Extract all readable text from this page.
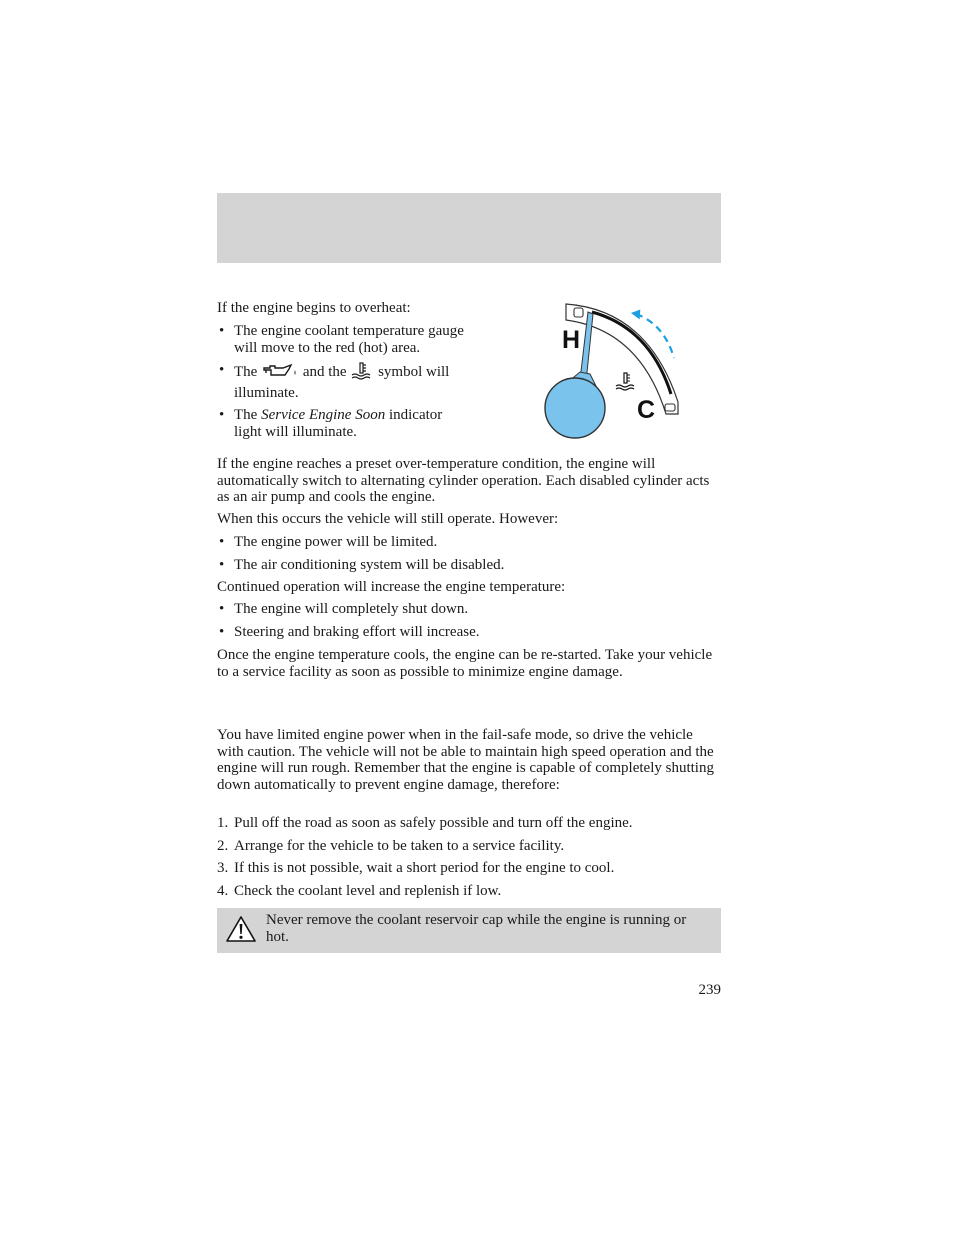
If the engine begins to overheat:

• The engine coolant temperature gauge will move to the red (hot) area.
• The	and the symbol will illuminate.
• The Service Engine Soon indicator light will illuminate.
H
C

If the engine reaches a preset over-temperature condition, the engine will automatically switch to alternating cylinder operation. Each disabled cylinder acts as an air pump and cools the engine.

When this occurs the vehicle will still operate. However:

• The engine power will be limited.
• The air conditioning system will be disabled.

Continued operation will increase the engine temperature:

• The engine will completely shut down.
• Steering and braking effort will increase.

Once the engine temperature cools, the engine can be re-started. Take your vehicle to a service facility as soon as possible to minimize engine damage.

You have limited engine power when in the fail-safe mode, so drive the vehicle with caution. The vehicle will not be able to maintain high speed operation and the engine will run rough. Remember that the engine is capable of completely shutting down automatically to prevent engine damage, therefore:

1. Pull off the road as soon as safely possible and turn off the engine.
2. Arrange for the vehicle to be taken to a service facility.
3. If this is not possible, wait a short period for the engine to cool.
4. Check the coolant level and replenish if low.

Never remove the coolant reservoir cap while the engine is running or hot.

239
